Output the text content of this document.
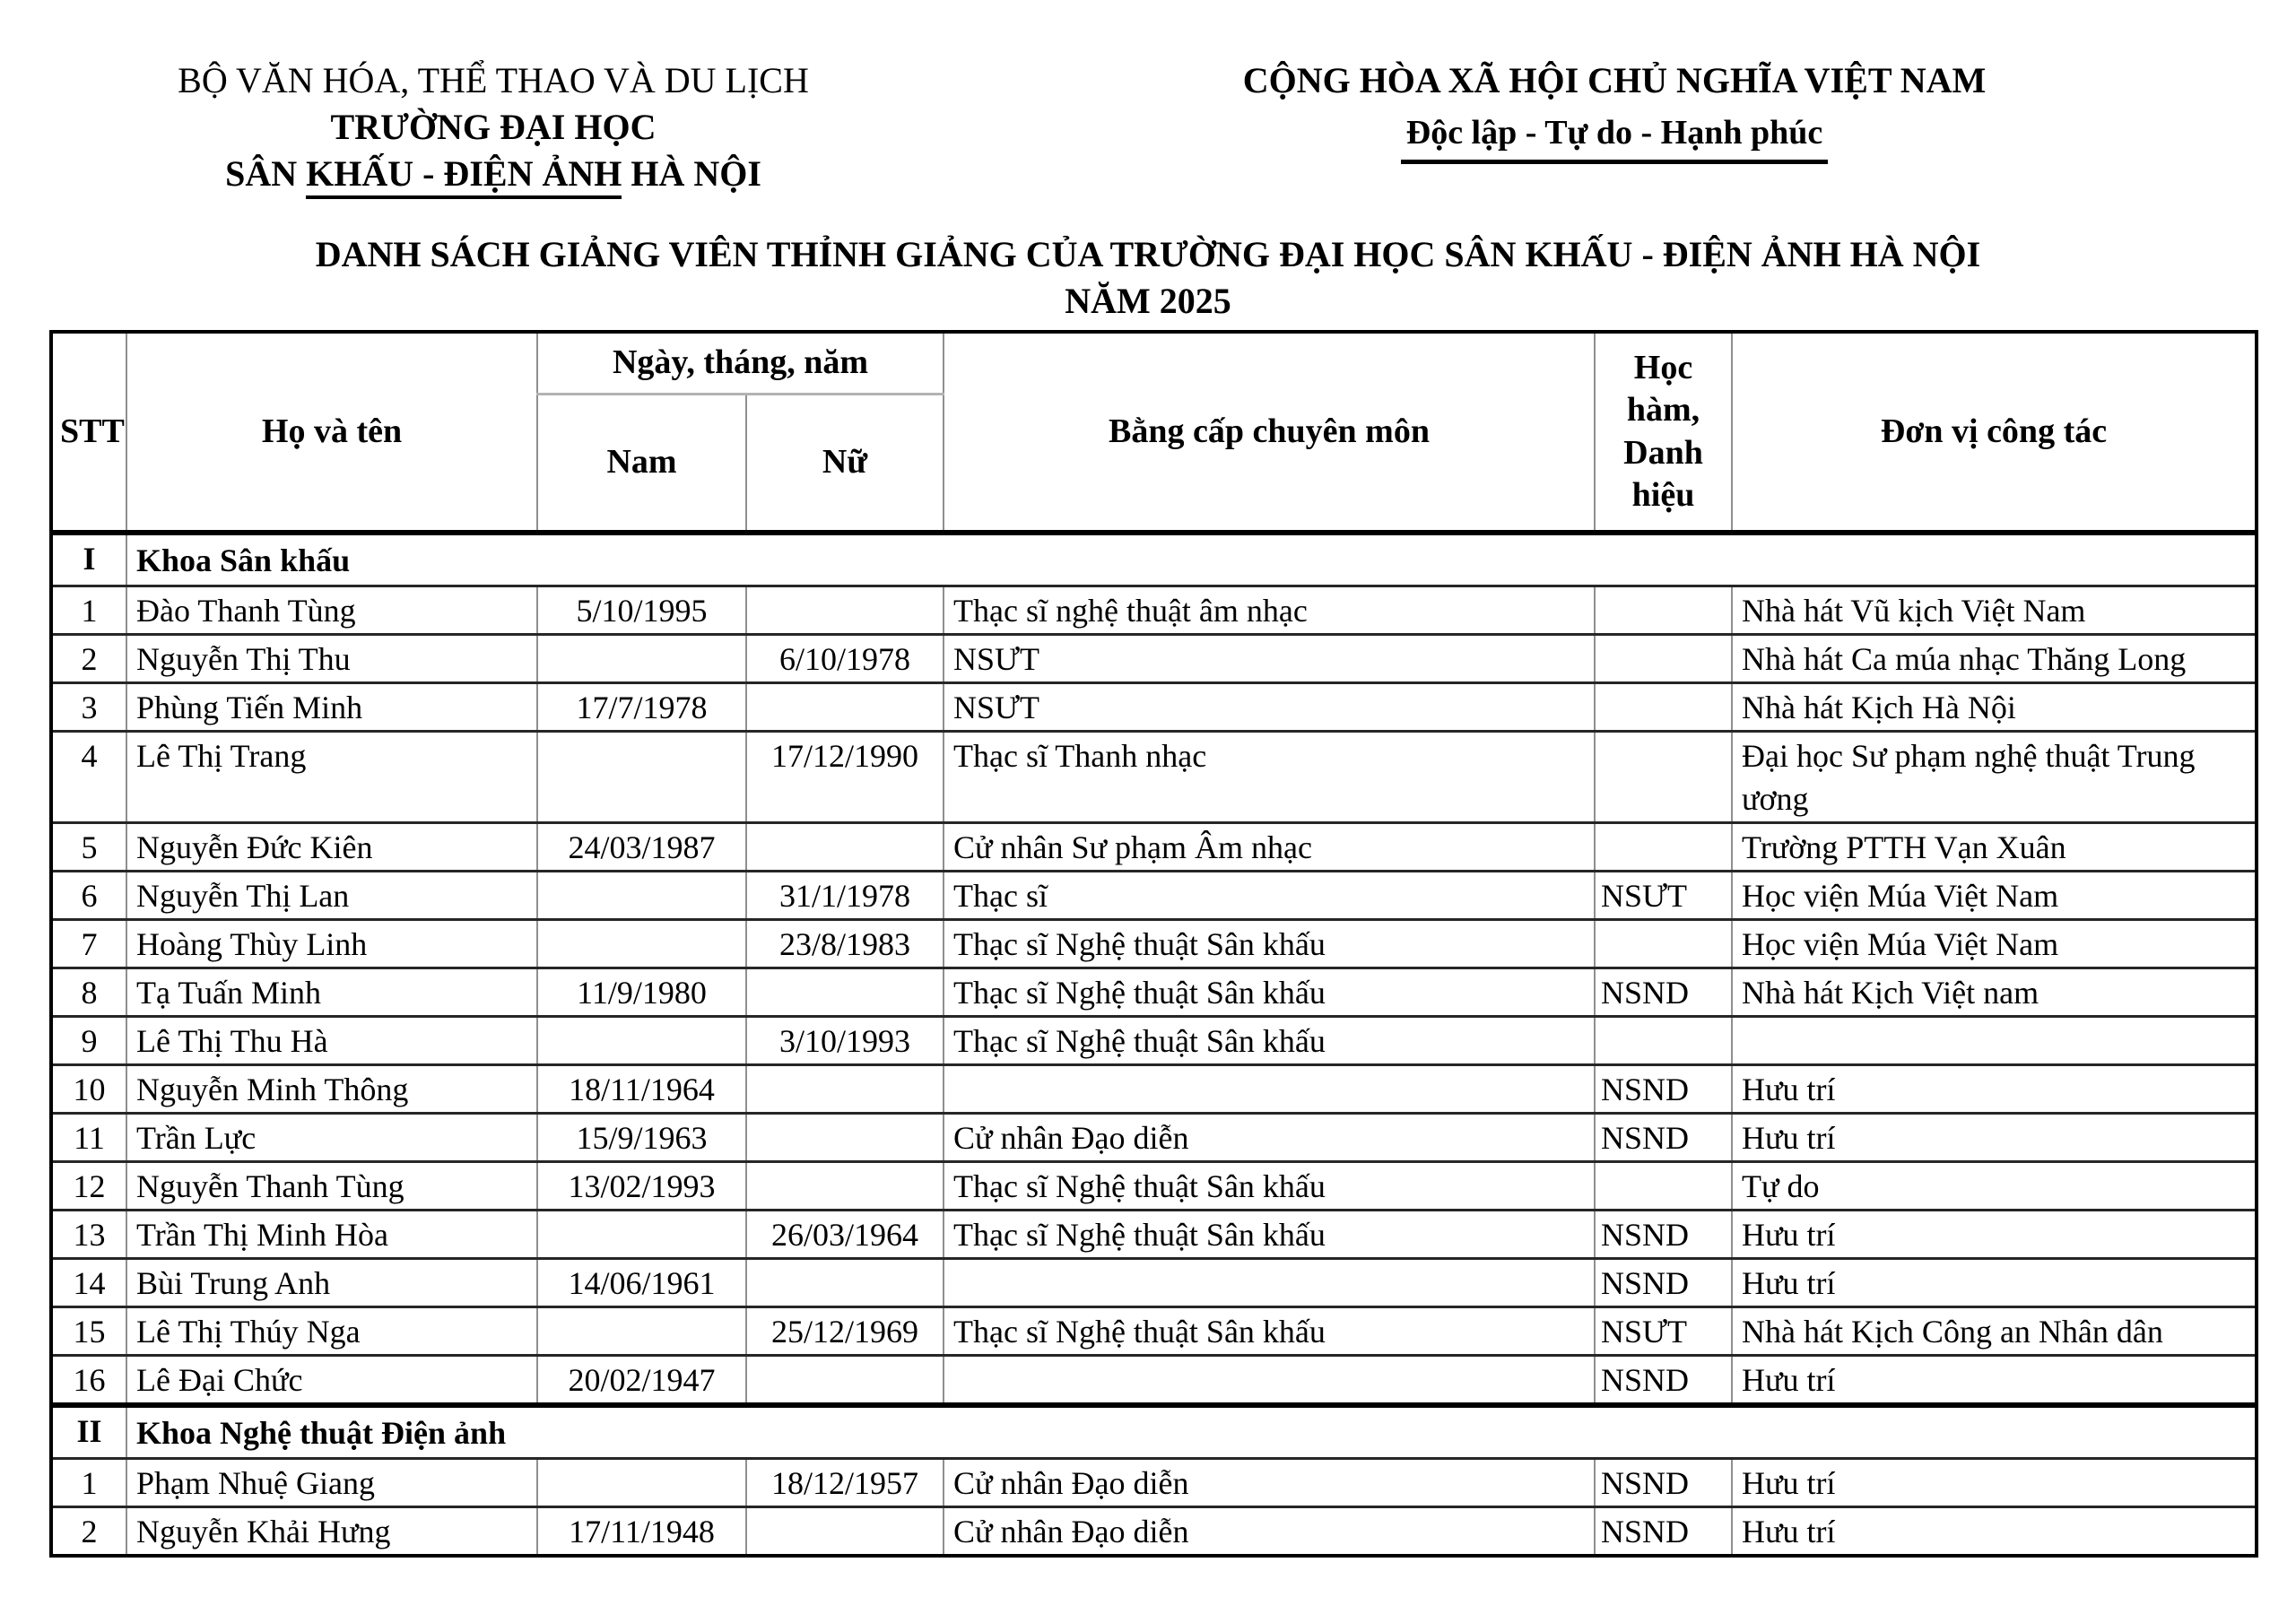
BỘ VĂN HÓA, THỂ THAO VÀ DU LỊCH
TRƯỜNG ĐẠI HỌC
SÂN KHẤU - ĐIỆN ẢNH HÀ NỘI
CỘNG HÒA XÃ HỘI CHỦ NGHĨA VIỆT NAM
Độc lập - Tự do - Hạnh phúc
DANH SÁCH GIẢNG VIÊN THỈNH GIẢNG CỦA TRƯỜNG ĐẠI HỌC SÂN KHẤU - ĐIỆN ẢNH HÀ NỘI
NĂM 2025
STT	Họ và tên	Ngày, tháng, năm		Bằng cấp chuyên môn	Học hàm, Danh hiệu	Đơn vị công tác
		Nam	Nữ			
I	Khoa Sân khấu					
1	Đào Thanh Tùng	5/10/1995		Thạc sĩ nghệ thuật âm nhạc		Nhà hát Vũ kịch Việt Nam
2	Nguyễn Thị Thu		6/10/1978	NSƯT		Nhà hát Ca múa nhạc Thăng Long
3	Phùng Tiến Minh	17/7/1978		NSƯT		Nhà hát Kịch Hà Nội
4	Lê Thị Trang		17/12/1990	Thạc sĩ Thanh nhạc		Đại học Sư phạm nghệ thuật Trung ương
5	Nguyễn Đức Kiên	24/03/1987		Cử nhân Sư phạm Âm nhạc		Trường PTTH Vạn Xuân
6	Nguyễn Thị Lan		31/1/1978	Thạc sĩ	NSƯT	Học viện Múa Việt Nam
7	Hoàng Thùy Linh		23/8/1983	Thạc sĩ Nghệ thuật Sân khấu		Học viện Múa Việt Nam
8	Tạ Tuấn Minh	11/9/1980		Thạc sĩ Nghệ thuật Sân khấu	NSND	Nhà hát Kịch Việt nam
9	Lê Thị Thu Hà		3/10/1993	Thạc sĩ Nghệ thuật Sân khấu		
10	Nguyễn Minh Thông	18/11/1964			NSND	Hưu trí
11	Trần Lực	15/9/1963		Cử nhân Đạo diễn	NSND	Hưu trí
12	Nguyễn Thanh Tùng	13/02/1993		Thạc sĩ Nghệ thuật Sân khấu		Tự do
13	Trần Thị Minh Hòa		26/03/1964	Thạc sĩ Nghệ thuật Sân khấu	NSND	Hưu trí
14	Bùi Trung Anh	14/06/1961			NSND	Hưu trí
15	Lê Thị Thúy Nga		25/12/1969	Thạc sĩ Nghệ thuật Sân khấu	NSƯT	Nhà hát Kịch Công an Nhân dân
16	Lê Đại Chức	20/02/1947			NSND	Hưu trí
II	Khoa Nghệ thuật Điện ảnh					
1	Phạm Nhuệ Giang		18/12/1957	Cử nhân Đạo diễn	NSND	Hưu trí
2	Nguyễn Khải Hưng	17/11/1948		Cử nhân Đạo diễn	NSND	Hưu trí
